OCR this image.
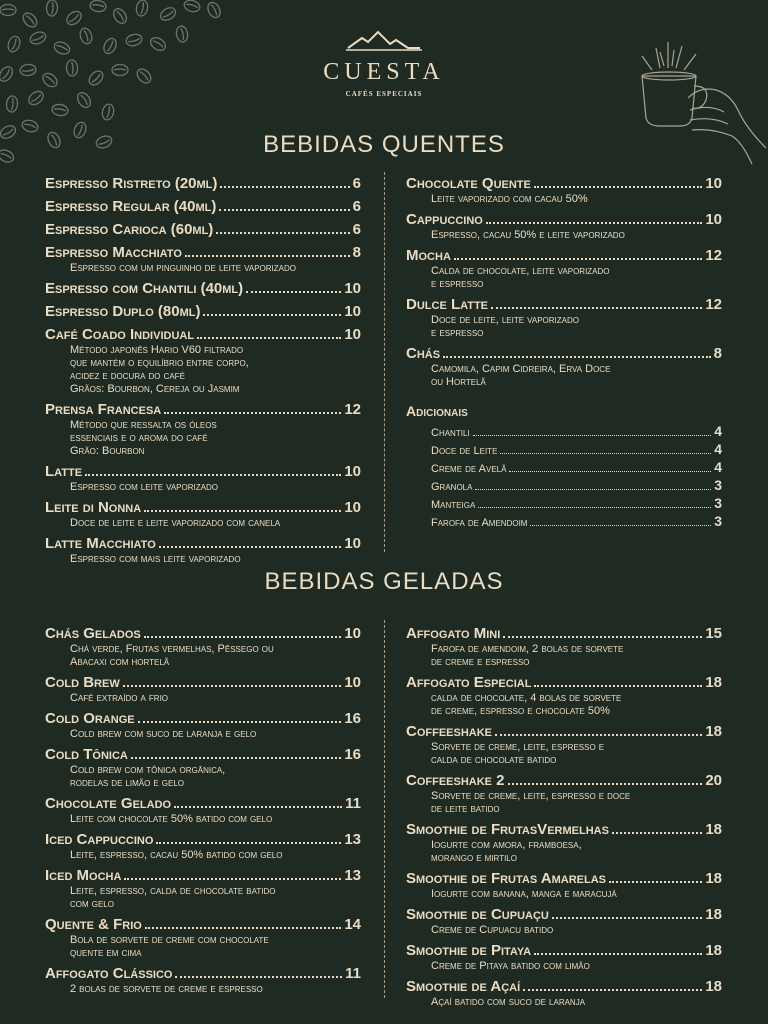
CUESTA
CAFÉS ESPECIAIS
BEBIDAS QUENTES
Espresso Ristreto (20ml)	6
Espresso Regular (40ml)	6
Espresso Carioca (60ml)	6
Espresso Macchiato	8
Espresso com um pinguinho de leite vaporizado
Espresso com Chantili (40ml)	10
Espresso Duplo (80ml)	10
Café Coado Individual	10
Método japonês Hario V60 filtrado
que mantém o equilíbrio entre corpo,
acidez e docura do café
Grãos: Bourbon, Cereja ou Jasmim
Prensa Francesa	12
Método que ressalta os óleos
essenciais e o aroma do café
Grão: Bourbon
Latte	10
Espresso com leite vaporizado
Leite di Nonna	10
Doce de leite e leite vaporizado com canela
Latte Macchiato	10
Espresso com mais leite vaporizado
Chocolate Quente	10
Leite vaporizado com cacau 50%
Cappuccino	10
Espresso, cacau 50% e leite vaporizado
Mocha	12
Calda de chocolate, leite vaporizado
e espresso
Dulce Latte	12
Doce de leite, leite vaporizado
e espresso
Chás	8
Camomila, Capim Cidreira, Erva Doce
ou Hortelã
Adicionais
Chantili	4
Doce de Leite	4
Creme de Avelã	4
Granola	3
Manteiga	3
Farofa de Amendoim	3
BEBIDAS GELADAS
Chás Gelados	10
Chá verde, Frutas vermelhas, Pêssego ou
Abacaxi com hortelã
Cold Brew	10
Café extraído a frio
Cold Orange	16
Cold brew com suco de laranja e gelo
Cold Tônica	16
Cold brew com tônica orgânica,
rodelas de limão e gelo
Chocolate Gelado	11
Leite com chocolate 50% batido com gelo
Iced Cappuccino	13
Leite, espresso, cacau 50% batido com gelo
Iced Mocha	13
Leite, espresso, calda de chocolate batido
com gelo
Quente & Frio	14
Bola de sorvete de creme com chocolate
quente em cima
Affogato Clássico	11
2 bolas de sorvete de creme e espresso
Affogato Mini	15
Farofa de amendoim, 2 bolas de sorvete
de creme e espresso
Affogato Especial	18
calda de chocolate, 4 bolas de sorvete
de creme, espresso e chocolate 50%
Coffeeshake	18
Sorvete de creme, leite, espresso e
calda de chocolate batido
Coffeeshake 2	20
Sorvete de creme, leite, espresso e doce
de leite batido
Smoothie de FrutasVermelhas	18
Iogurte com amora, framboesa,
morango e mirtilo
Smoothie de Frutas Amarelas	18
Iogurte com banana, manga e maracujá
Smoothie de Cupuaçu	18
Creme de Cupuacu batido
Smoothie de Pitaya	18
Creme de Pitaya batido com limão
Smoothie de Açaí	18
Açaí batido com suco de laranja
